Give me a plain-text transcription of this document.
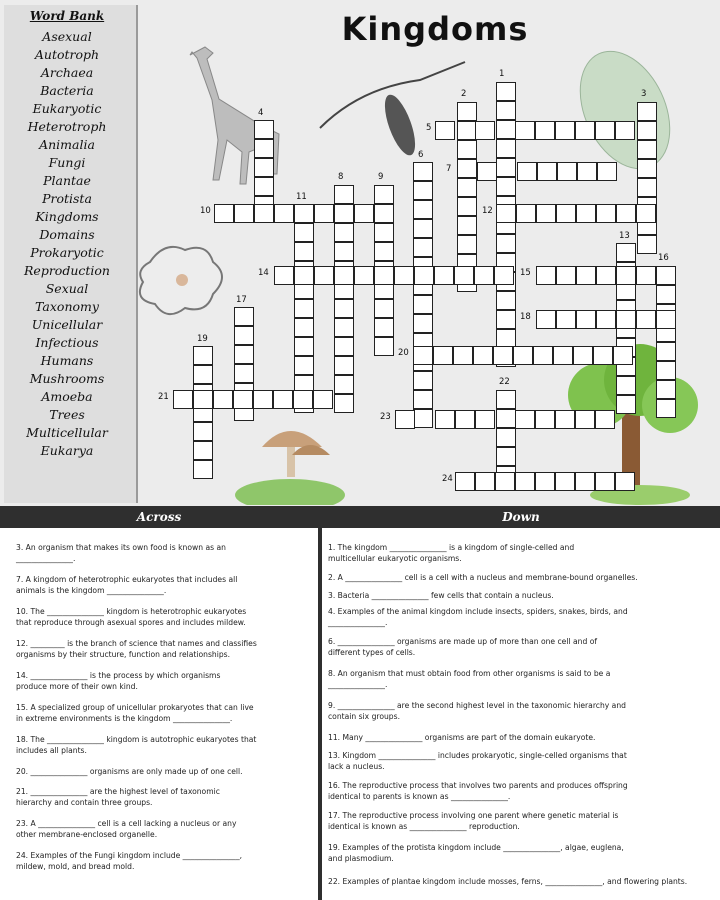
1
2	3
4
5
6
7
8	9
10
11
12
13
14	15
16
17
18
19
20
21
22
23
24
Kingdoms
Word Bank
Asexual
Autotroph
Archaea
Bacteria
Eukaryotic
Heterotroph
Animalia
Fungi
Plantae
Protista
Kingdoms
Domains
Prokaryotic
Reproduction
Sexual
Taxonomy
Unicellular
Infectious
Humans
Mushrooms
Amoeba
Trees
Multicellular
Eukarya
Across	Down
3. An organism that makes its own food is known as an
_______________.
7. A kingdom of heterotrophic eukaryotes that includes all
animals is the kingdom _______________.
10. The _______________ kingdom is heterotrophic eukaryotes
that reproduce through asexual spores and includes mildew.
12. _________ is the branch of science that names and classifies
organisms by their structure, function and relationships.
14. _______________ is the process by which organisms
produce more of their own kind.
15. A specialized group of unicellular prokaryotes that can live
in extreme environments is the kingdom _______________.
18. The _______________ kingdom is autotrophic eukaryotes that
includes all plants.
20. _______________ organisms are only made up of one cell.
21. _______________ are the highest level of taxonomic
hierarchy and contain three groups.
23. A _______________ cell is a cell lacking a nucleus or any
other membrane-enclosed organelle.
24. Examples of the Fungi kingdom include _______________,
mildew, mold, and bread mold.
1. The kingdom _______________ is a kingdom of single-celled and
multicellular eukaryotic organisms.
2. A _______________ cell is a cell with a nucleus and membrane-bound organelles.
3. Bacteria _______________ few cells that contain a nucleus.
4. Examples of the animal kingdom include insects, spiders, snakes, birds, and
_______________.
6. _______________ organisms are made up of more than one cell and of
different types of cells.
8. An organism that must obtain food from other organisms is said to be a
_______________.
9. _______________ are the second highest level in the taxonomic hierarchy and
contain six groups.
11. Many _______________ organisms are part of the domain eukaryote.
13. Kingdom _______________ includes prokaryotic, single-celled organisms that
lack a nucleus.
16. The reproductive process that involves two parents and produces offspring
identical to parents is known as _______________.
17. The reproductive process involving one parent where genetic material is
identical is known as _______________ reproduction.
19. Examples of the protista kingdom include _______________, algae, euglena,
and plasmodium.
22. Examples of plantae kingdom include mosses, ferns, _______________, and flowering plants.
